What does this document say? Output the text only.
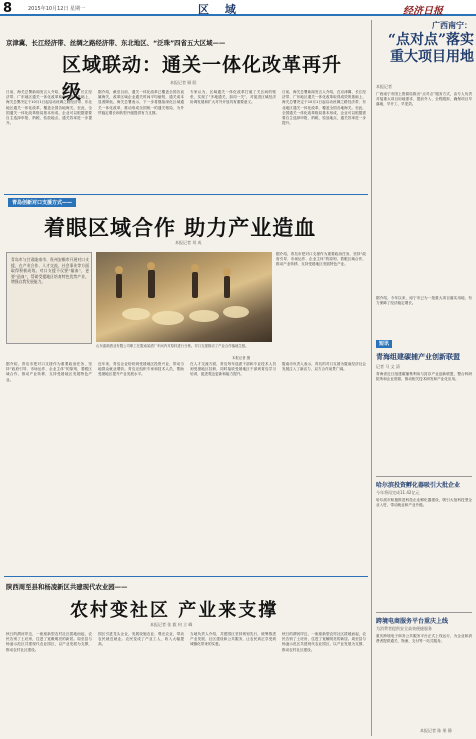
8	2015年10月12日 星期一	区 域	经济日报
京津冀、长江经济带、丝绸之路经济带、东北地区、“泛珠”四省五大区域——
区域联动：通关一体化改革再升级	本报记者 顾 阳
日前，海关总署新闻发言人介绍，在京津冀、长江经济带、广东地区通关一体化改革取得成效的基础上，海关总署决定于10月1日起启动丝绸之路经济带、东北地区通关一体化改革，覆盖全国各地海关。至此，全国通关一体化改革格局基本形成，企业可以根据需要自主选择申报、纳税、验放地点，通关效率进一步提升。
据介绍，截至目前，通关一体化改革已覆盖全国各直属海关，改革区域企业通关时间平均缩短，通关成本显著降低。海关总署表示，下一步将继续深化区域通关一体化改革，推动形成全国统一的通关格局，为外贸稳定增长和转型升级提供有力支撑。
专家认为，区域通关一体化改革打破了关区间的壁垒，实现了“多地通关，如同一关”，对促进区域经济协调发展和扩大对外开放具有重要意义。
日前，海关总署新闻发言人介绍，在京津冀、长江经济带、广东地区通关一体化改革取得成效的基础上，海关总署决定于10月1日起启动丝绸之路经济带、东北地区通关一体化改革，覆盖全国各地海关。至此，全国通关一体化改革格局基本形成，企业可以根据需要自主选择申报、纳税、验放地点，通关效率进一步提升。
青岛创新对口支援方式——
着眼区域合作 助力产业造血
本报记者 刘 成
青岛市与甘肃陇南市、贵州安顺市开展对口支援，在产业合作、人才交流、社会事业等方面取得积极成效。对口支援不仅要“输血”，更要“造血”，帮助受援地区培育特色优势产业，增强自我发展能力。
山东嘉源酒业有限公司职工在陇南某酒厂车间内对原料进行分拣。对口支援推动了产业合作落地生根。
本报记者 摄
据介绍，青岛市把对口支援作为重要政治任务，坚持“政府引导、市场运作、企业主体”的原则，着眼区域合作，推动产业转移，支持受援地区发展特色产业。
据介绍，青岛市把对口支援作为重要政治任务，坚持“政府引导、市场运作、企业主体”的原则，着眼区域合作，推动产业转移，支持受援地区发展特色产业。
近年来，青岛企业纷纷到受援地区投资兴业，带动当地群众就业增收。青岛还组织专家和技术人员，帮助受援地区提升产业发展水平。
在人才交流方面，青岛每年选派干部和专业技术人员到受援地区挂职，同时接收受援地区干部到青岛学习培训，促进观念更新和能力提升。
陇南市负责人表示，青岛的对口支援为陇南经济社会发展注入了新活力，双方合作前景广阔。
陕西周至县和杨凌新区共建现代农业园——
农村变社区 产业来支撑
本报记者 张 毅 何 立 峰
秋日的渭河岸边，一座座新型农村社区拔地而起，农民告别了土坯房，住进了宽敞明亮的新居。周至县与杨凌示范区共建现代农业园区，以产业发展为支撑，推动农村社区建设。
园区引进龙头企业，发展设施农业、观光农业，带动农民就近就业。农民变成了产业工人，收入大幅提高。
当地负责人介绍，共建园区坚持规划先行，统筹推进产业发展、社区建设和公共服务，让农民真正享受到城镇化带来的实惠。
秋日的渭河岸边，一座座新型农村社区拔地而起，农民告别了土坯房，住进了宽敞明亮的新居。周至县与杨凌示范区共建现代农业园区，以产业发展为支撑，推动农村社区建设。
广西南宁：
“点对点”落实重大项目用地
本报记者
广西南宁市国土资源局推出“点对点”服务方式，由专人负责对接重大项目用地需求，提前介入、全程跟踪，确保项目早落地、早开工、早见效。
据介绍，今年以来，南宁市已为一批重大项目落实用地，有力保障了经济稳定增长。
短讯
青海组建碳捕产业创新联盟
记者 马 文 清
青海省近日组建碳捕集利用与封存产业创新联盟，整合科研院所和企业资源，推动相关技术研发和产业化应用。
哈尔滨投资孵化器吸引大批企业
今年将再完成11.42亿元
哈尔滨市积极推进科技企业孵化器建设，吸引大批科技型企业入驻，带动就业和产业升级。
跨境电商服务平台重庆上线
为消费者提供安全高效便捷服务
重庆跨境电子商务公共服务平台正式上线运行，为企业和消费者提供通关、物流、支付等一站式服务。
本报记者 陈 果 静
